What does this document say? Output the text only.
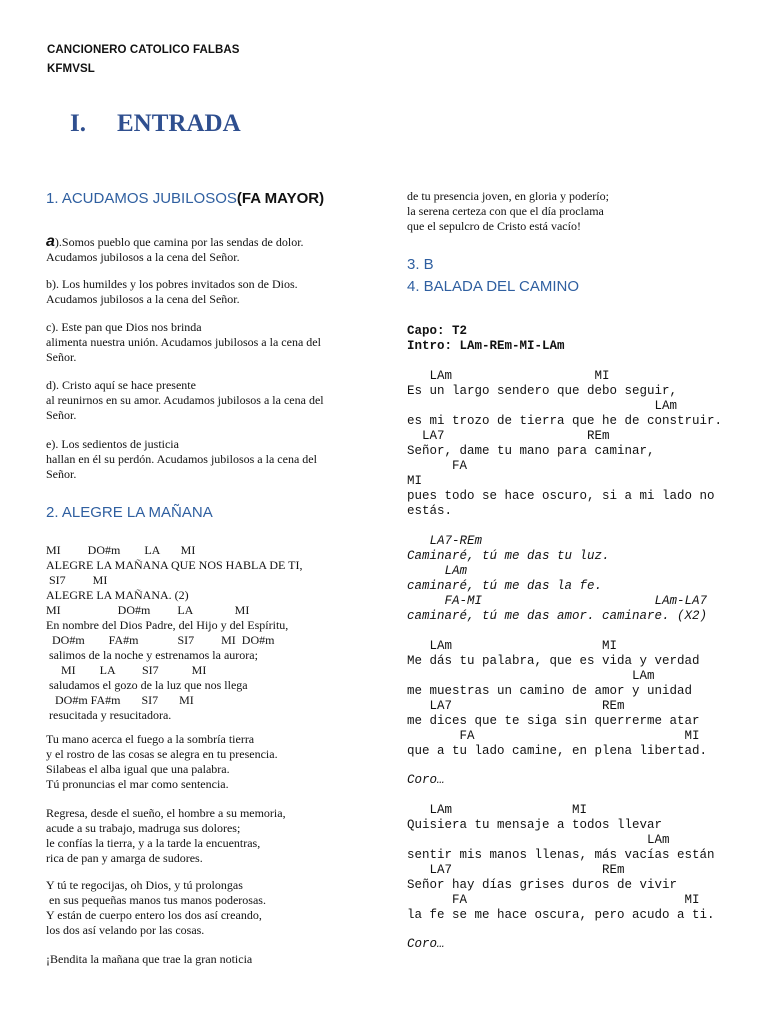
CANCIONERO CATOLICO FALBAS
KFMVSL
I. ENTRADA
1. ACUDAMOS JUBILOSOS(FA MAYOR)
a).Somos pueblo que camina por las sendas de dolor.
Acudamos jubilosos a la cena del Señor.
b). Los humildes y los pobres invitados son de Dios.
Acudamos jubilosos a la cena del Señor.
c). Este pan que Dios nos brinda
alimenta nuestra unión. Acudamos jubilosos a la cena del
Señor.
d). Cristo aquí se hace presente
al reunirnos en su amor. Acudamos jubilosos a la cena del
Señor.
e). Los sedientos de justicia
hallan en él su perdón. Acudamos jubilosos a la cena del
Señor.
2. ALEGRE LA MAÑANA
MI         DO#m        LA       MI
ALEGRE LA MAÑANA QUE NOS HABLA DE TI,
SI7         MI
ALEGRE LA MAÑANA. (2)
MI                   DO#m         LA              MI
En nombre del Dios Padre, del Hijo y del Espíritu,
DO#m        FA#m             SI7         MI  DO#m
salimos de la noche y estrenamos la aurora;
MI        LA         SI7           MI
saludamos el gozo de la luz que nos llega
DO#m FA#m       SI7       MI
resucitada y resucitadora.
Tu mano acerca el fuego a la sombría tierra
y el rostro de las cosas se alegra en tu presencia.
Silabeas el alba igual que una palabra.
Tú pronuncias el mar como sentencia.
Regresa, desde el sueño, el hombre a su memoria,
acude a su trabajo, madruga sus dolores;
le confías la tierra, y a la tarde la encuentras,
rica de pan y amarga de sudores.
Y tú te regocijas, oh Dios, y tú prolongas
en sus pequeñas manos tus manos poderosas.
Y están de cuerpo entero los dos así creando,
los dos así velando por las cosas.
¡Bendita la mañana que trae la gran noticia
de tu presencia joven, en gloria y poderío;
la serena certeza con que el día proclama
que el sepulcro de Cristo está vacío!
3. B
4. BALADA DEL CAMINO
Capo: T2
Intro: LAm-REm-MI-LAm
LAm                   MI
Es un largo sendero que debo seguir,
LAm
es mi trozo de tierra que he de construir.
LA7                   REm
Señor, dame tu mano para caminar,
FA
MI
pues todo se hace oscuro, si a mi lado no
estás.
LA7-REm
Caminaré, tú me das tu luz.
LAm
caminaré, tú me das la fe.
FA-MI                       LAm-LA7
caminaré, tú me das amor. caminare. (X2)
LAm                    MI
Me dás tu palabra, que es vida y verdad
LAm
me muestras un camino de amor y unidad
LA7                    REm
me dices que te siga sin querrerme atar
FA                            MI
que a tu lado camine, en plena libertad.
Coro…
LAm                MI
Quisiera tu mensaje a todos llevar
LAm
sentir mis manos llenas, más vacías están
LA7                    REm
Señor hay días grises duros de vivir
FA                             MI
la fe se me hace oscura, pero acudo a ti.
Coro…
